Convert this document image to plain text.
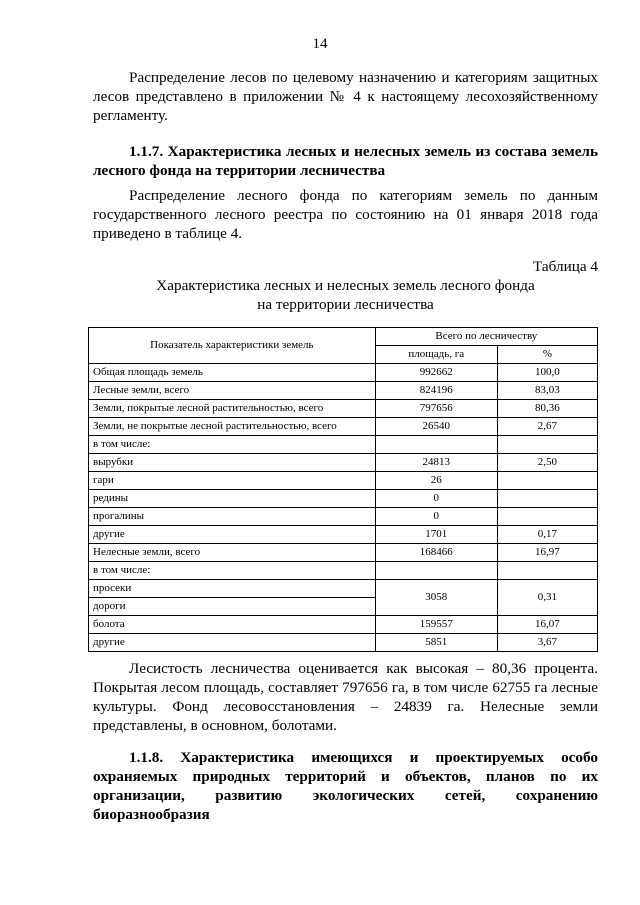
14
Распределение лесов по целевому назначению и категориям защитных лесов представлено в приложении № 4 к настоящему лесохозяйственному регламенту.
1.1.7. Характеристика лесных и нелесных земель из состава земель лесного фонда на территории лесничества
Распределение лесного фонда по категориям земель по данным государственного лесного реестра по состоянию на 01 января 2018 года приведено в таблице 4.
Таблица 4
Характеристика лесных и нелесных земель лесного фонда
на территории лесничества
Показатель характеристики земель	Всего по лесничеству	
	площадь, га	%
Общая площадь земель	992662	100,0
Лесные земли, всего	824196	83,03
Земли, покрытые лесной растительностью, всего	797656	80,36
Земли, не покрытые лесной растительностью, всего	26540	2,67
в том числе:		
вырубки	24813	2,50
гари	26	
редины	0	
прогалины	0	
другие	1701	0,17
Нелесные земли, всего	168466	16,97
в том числе:		
просеки	3058	0,31
дороги		
болота	159557	16,07
другие	5851	3,67
Лесистость лесничества оценивается как высокая – 80,36 процента. Покрытая лесом площадь, составляет 797656 га, в том числе 62755 га лесные культуры. Фонд лесовосстановления – 24839 га. Нелесные земли представлены, в основном, болотами.
1.1.8. Характеристика имеющихся и проектируемых особо охраняемых природных территорий и объектов, планов по их организации, развитию экологических сетей, сохранению биоразнообразия
